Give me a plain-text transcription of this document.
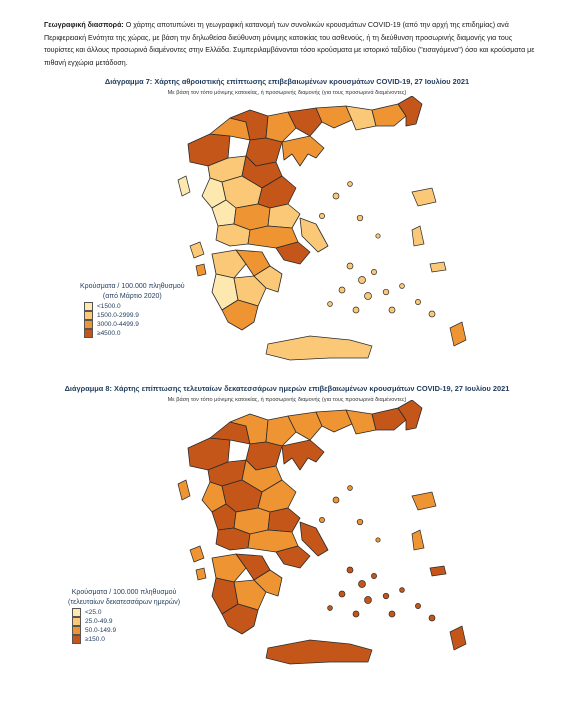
Γεωγραφική διασπορά: Ο χάρτης αποτυπώνει τη γεωγραφική κατανομή των συνολικών κρουσμάτων COVID-19 (από την αρχή της επιδημίας) ανά Περιφερειακή Ενότητα της χώρας, με βάση την δηλωθείσα διεύθυνση μόνιμης κατοικίας του ασθενούς, ή τη διεύθυνση προσωρινής διαμονής για τους τουρίστες και άλλους προσωρινά διαμένοντες στην Ελλάδα. Συμπεριλαμβάνονται τόσο κρούσματα με ιστορικό ταξιδίου ("εισαγόμενα") όσο και κρούσματα με πιθανή εγχώρια μετάδοση.
Διάγραμμα 7: Χάρτης αθροιστικής επίπτωσης επιβεβαιωμένων κρουσμάτων COVID-19, 27 Ιουλίου 2021
Με βάση τον τόπο μόνιμης κατοικίας, ή προσωρινής διαμονής (για τους προσωρινά διαμένοντες)
Κρούσματα / 100.000 πληθυσμού
(από Μάρτιο 2020)
<1500.0
1500.0-2999.9
3000.0-4499.9
≥4500.0
Διάγραμμα 8: Χάρτης επίπτωσης τελευταίων δεκατεσσάρων ημερών επιβεβαιωμένων κρουσμάτων COVID-19, 27 Ιουλίου 2021
Με βάση τον τόπο μόνιμης κατοικίας, ή προσωρινής διαμονής (για τους προσωρινά διαμένοντες)
Κρούσματα / 100.000 πληθυσμού
(τελευταίων δεκατεσσάρων ημερών)
<25.0
25.0-49.9
50.0-149.9
≥150.0
